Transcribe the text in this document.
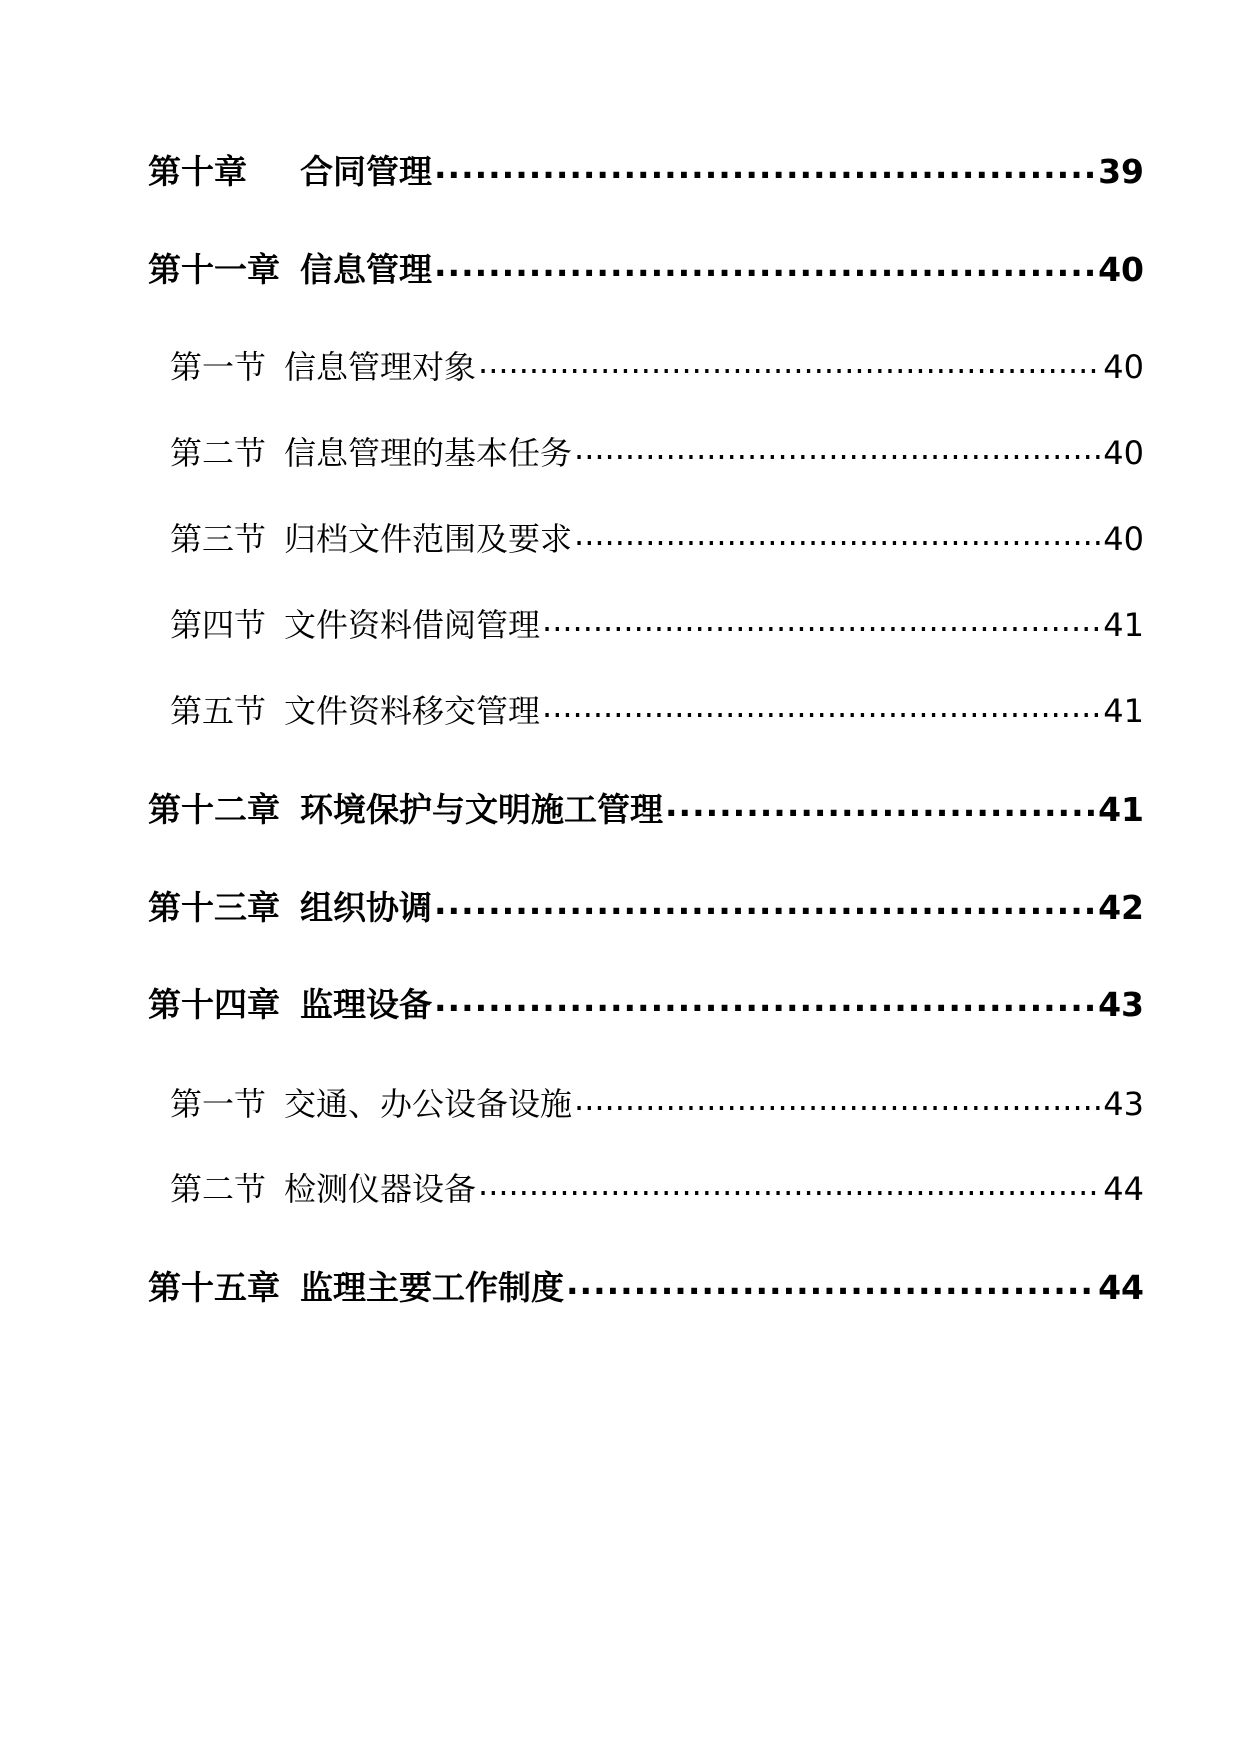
第十章	合同管理 .....	39
第十一章 信息管理 .....	40
第一节 信息管理对象 .....	40
第二节 信息管理的基本任务 .....	40
第三节 归档文件范围及要求 .....	40
第四节 文件资料借阅管理 .....	41
第五节 文件资料移交管理 .....	41
第十二章 环境保护与文明施工管理 .....	41
第十三章 组织协调 .....	42
第十四章 监理设备 .....	43
第一节 交通、办公设备设施 .....	43
第二节 检测仪器设备 .....	44
第十五章 监理主要工作制度 .....	44
